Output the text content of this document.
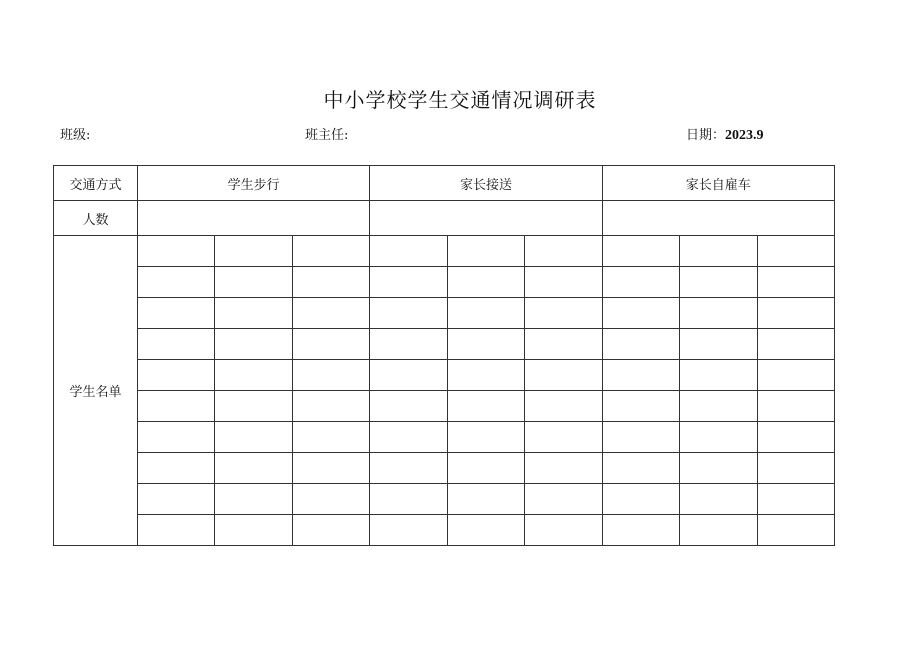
中小学校学生交通情况调研表
班级:	班主任:	日期：2023.9
交通方式	学生步行			家长接送			家长自雇车		
人数									
学生名单									
